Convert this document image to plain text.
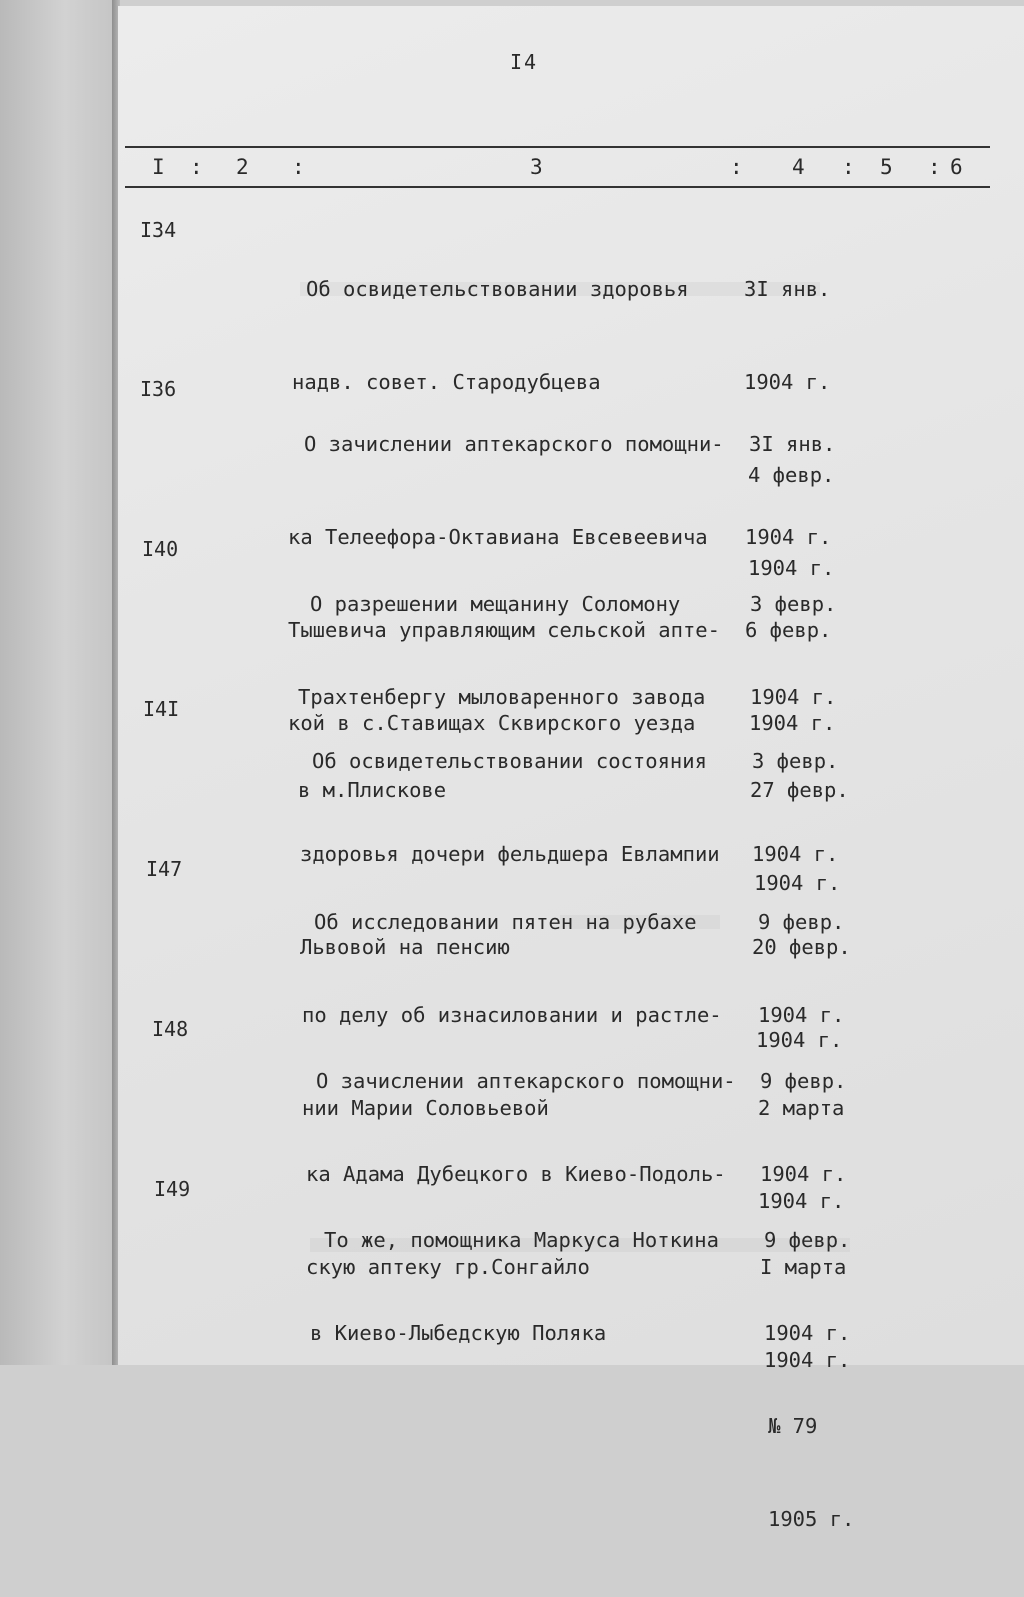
I4
I : 2 :	3	: 4 : 5 : 6
I34

Об освидетельствовании здоровья

надв. совет. Стародубцева

3I янв.

1904 г.

4 февр.

1904 г.

I36

О зачислении аптекарского помощни-

ка Телеефора-Октавиана Евсевеевича

Тышевича управляющим сельской апте-

кой в с.Ставищах Сквирского уезда

3I янв.

1904 г.

6 февр.

1904 г.

I40

О разрешении мещанину Соломону

Трахтенбергу мыловаренного завода

в м.Плискове

3 февр.

1904 г.

27 февр.

1904 г.

I4I

Об освидетельствовании состояния

здоровья дочери фельдшера Евлампии

Львовой на пенсию

3 февр.

1904 г.

20 февр.

1904 г.

I47

Об исследовании пятен на рубахе

по делу об изнасиловании и растле-

нии Марии Соловьевой

9 февр.

1904 г.

2 марта

1904 г.

I48

О зачислении аптекарского помощни-

ка Адама Дубецкого в Киево-Подоль-

скую аптеку гр.Сонгайло

9 февр.

1904 г.

I марта

1904 г.

I49

То же, помощника Маркуса Ноткина

в Киево-Лыбедскую Поляка

9 февр.

1904 г.

№ 79

1905 г.
